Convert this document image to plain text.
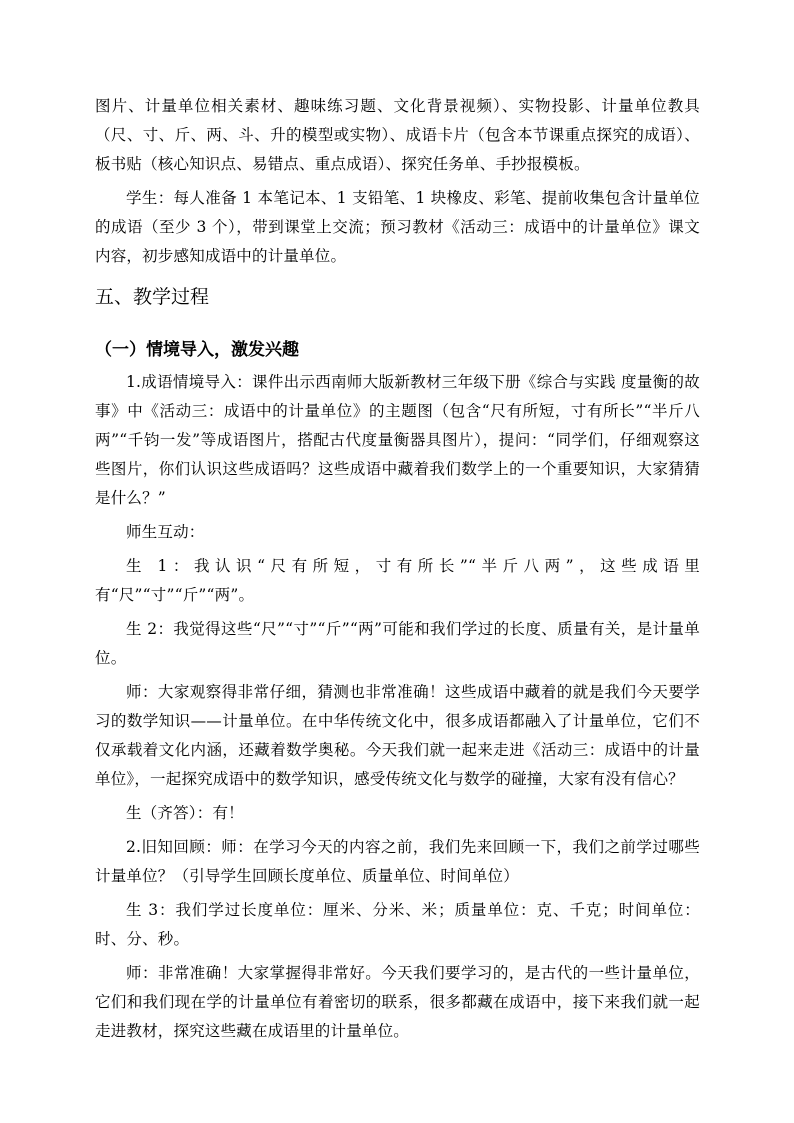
图片、计量单位相关素材、趣味练习题、文化背景视频）、实物投影、计量单位教具（尺、寸、斤、两、斗、升的模型或实物）、成语卡片（包含本节课重点探究的成语）、板书贴（核心知识点、易错点、重点成语）、探究任务单、手抄报模板。

学生：每人准备 1 本笔记本、1 支铅笔、1 块橡皮、彩笔、提前收集包含计量单位的成语（至少 3 个），带到课堂上交流；预习教材《活动三：成语中的计量单位》课文内容，初步感知成语中的计量单位。

五、教学过程
（一）情境导入，激发兴趣

1.成语情境导入：课件出示西南师大版新教材三年级下册《综合与实践 度量衡的故事》中《活动三：成语中的计量单位》的主题图（包含“尺有所短，寸有所长”“半斤八两”“千钧一发”等成语图片，搭配古代度量衡器具图片），提问：“同学们，仔细观察这些图片，你们认识这些成语吗？这些成语中藏着我们数学上的一个重要知识，大家猜猜是什么？”

师生互动：

生 1：我认识“尺有所短，寸有所长”“半斤八两”，这些成语里有“尺”“寸”“斤”“两”。

生 2：我觉得这些“尺”“寸”“斤”“两”可能和我们学过的长度、质量有关，是计量单位。

师：大家观察得非常仔细，猜测也非常准确！这些成语中藏着的就是我们今天要学习的数学知识——计量单位。在中华传统文化中，很多成语都融入了计量单位，它们不仅承载着文化内涵，还藏着数学奥秘。今天我们就一起来走进《活动三：成语中的计量单位》，一起探究成语中的数学知识，感受传统文化与数学的碰撞，大家有没有信心？

生（齐答）：有！

2.旧知回顾：师：在学习今天的内容之前，我们先来回顾一下，我们之前学过哪些计量单位？（引导学生回顾长度单位、质量单位、时间单位）

生 3：我们学过长度单位：厘米、分米、米；质量单位：克、千克；时间单位：时、分、秒。

师：非常准确！大家掌握得非常好。今天我们要学习的，是古代的一些计量单位，它们和我们现在学的计量单位有着密切的联系，很多都藏在成语中，接下来我们就一起走进教材，探究这些藏在成语里的计量单位。
